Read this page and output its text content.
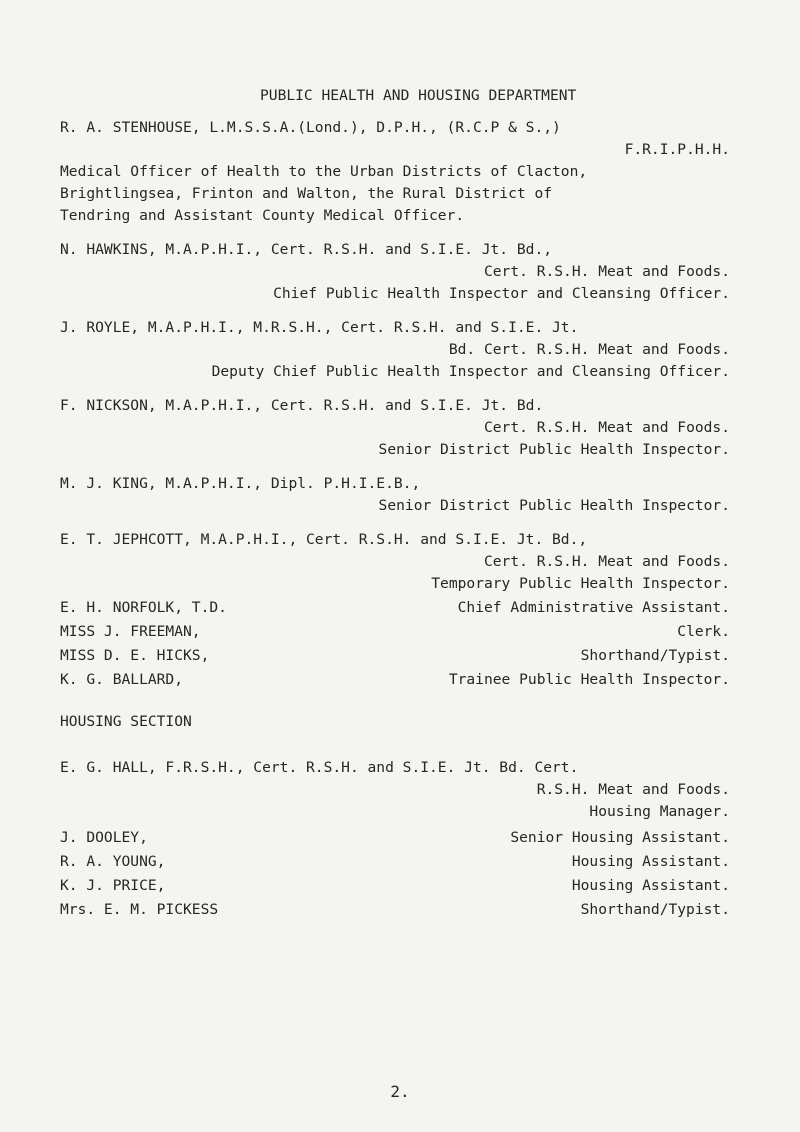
PUBLIC HEALTH AND HOUSING DEPARTMENT
R. A. STENHOUSE, L.M.S.S.A.(Lond.), D.P.H., (R.C.P & S.,)
F.R.I.P.H.H.
Medical Officer of Health to the Urban Districts of Clacton,
Brightlingsea, Frinton and Walton, the Rural District of
Tendring and Assistant County Medical Officer.
N. HAWKINS, M.A.P.H.I., Cert. R.S.H. and S.I.E. Jt. Bd.,
Cert. R.S.H. Meat and Foods.
Chief Public Health Inspector and Cleansing Officer.
J. ROYLE, M.A.P.H.I., M.R.S.H., Cert. R.S.H. and S.I.E. Jt.
Bd. Cert. R.S.H. Meat and Foods.
Deputy Chief Public Health Inspector and Cleansing Officer.
F. NICKSON, M.A.P.H.I., Cert. R.S.H. and S.I.E. Jt. Bd.
Cert. R.S.H. Meat and Foods.
Senior District Public Health Inspector.
M. J. KING, M.A.P.H.I., Dipl. P.H.I.E.B.,
Senior District Public Health Inspector.
E. T. JEPHCOTT, M.A.P.H.I., Cert. R.S.H. and S.I.E. Jt. Bd.,
Cert. R.S.H. Meat and Foods.
Temporary Public Health Inspector.
E. H. NORFOLK, T.D.	Chief Administrative Assistant.
MISS J. FREEMAN,	Clerk.
MISS D. E. HICKS,	Shorthand/Typist.
K. G. BALLARD,	Trainee Public Health Inspector.
HOUSING SECTION
E. G. HALL, F.R.S.H., Cert. R.S.H. and S.I.E. Jt. Bd. Cert.
R.S.H. Meat and Foods.
Housing Manager.
J. DOOLEY,	Senior Housing Assistant.
R. A. YOUNG,	Housing Assistant.
K. J. PRICE,	Housing Assistant.
Mrs. E. M. PICKESS	Shorthand/Typist.
2.
